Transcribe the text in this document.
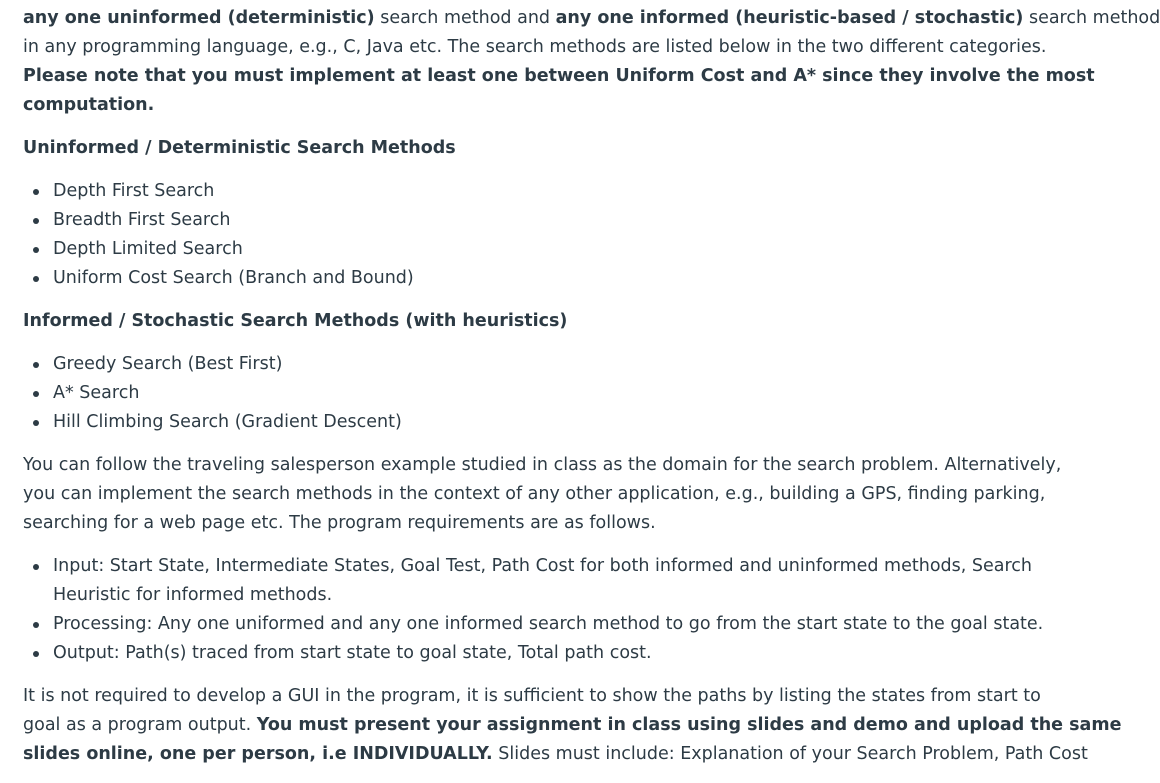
any one uninformed (deterministic) search method and any one informed (heuristic-based / stochastic) search method

in any programming language, e.g., C, Java etc. The search methods are listed below in the two different categories.

Please note that you must implement at least one between Uniform Cost and A* since they involve the most

computation.

Uninformed / Deterministic Search Methods

Depth First Search
Breadth First Search
Depth Limited Search
Uniform Cost Search (Branch and Bound)

Informed / Stochastic Search Methods (with heuristics)

Greedy Search (Best First)
A* Search
Hill Climbing Search (Gradient Descent)

You can follow the traveling salesperson example studied in class as the domain for the search problem. Alternatively,

you can implement the search methods in the context of any other application, e.g., building a GPS, finding parking,

searching for a web page etc. The program requirements are as follows.

Input: Start State, Intermediate States, Goal Test, Path Cost for both informed and uninformed methods, Search
Heuristic for informed methods.
Processing: Any one uniformed and any one informed search method to go from the start state to the goal state.
Output: Path(s) traced from start state to goal state, Total path cost.

It is not required to develop a GUI in the program, it is sufficient to show the paths by listing the states from start to

goal as a program output. You must present your assignment in class using slides and demo and upload the same

slides online, one per person, i.e INDIVIDUALLY. Slides must include: Explanation of your Search Problem, Path Cost
